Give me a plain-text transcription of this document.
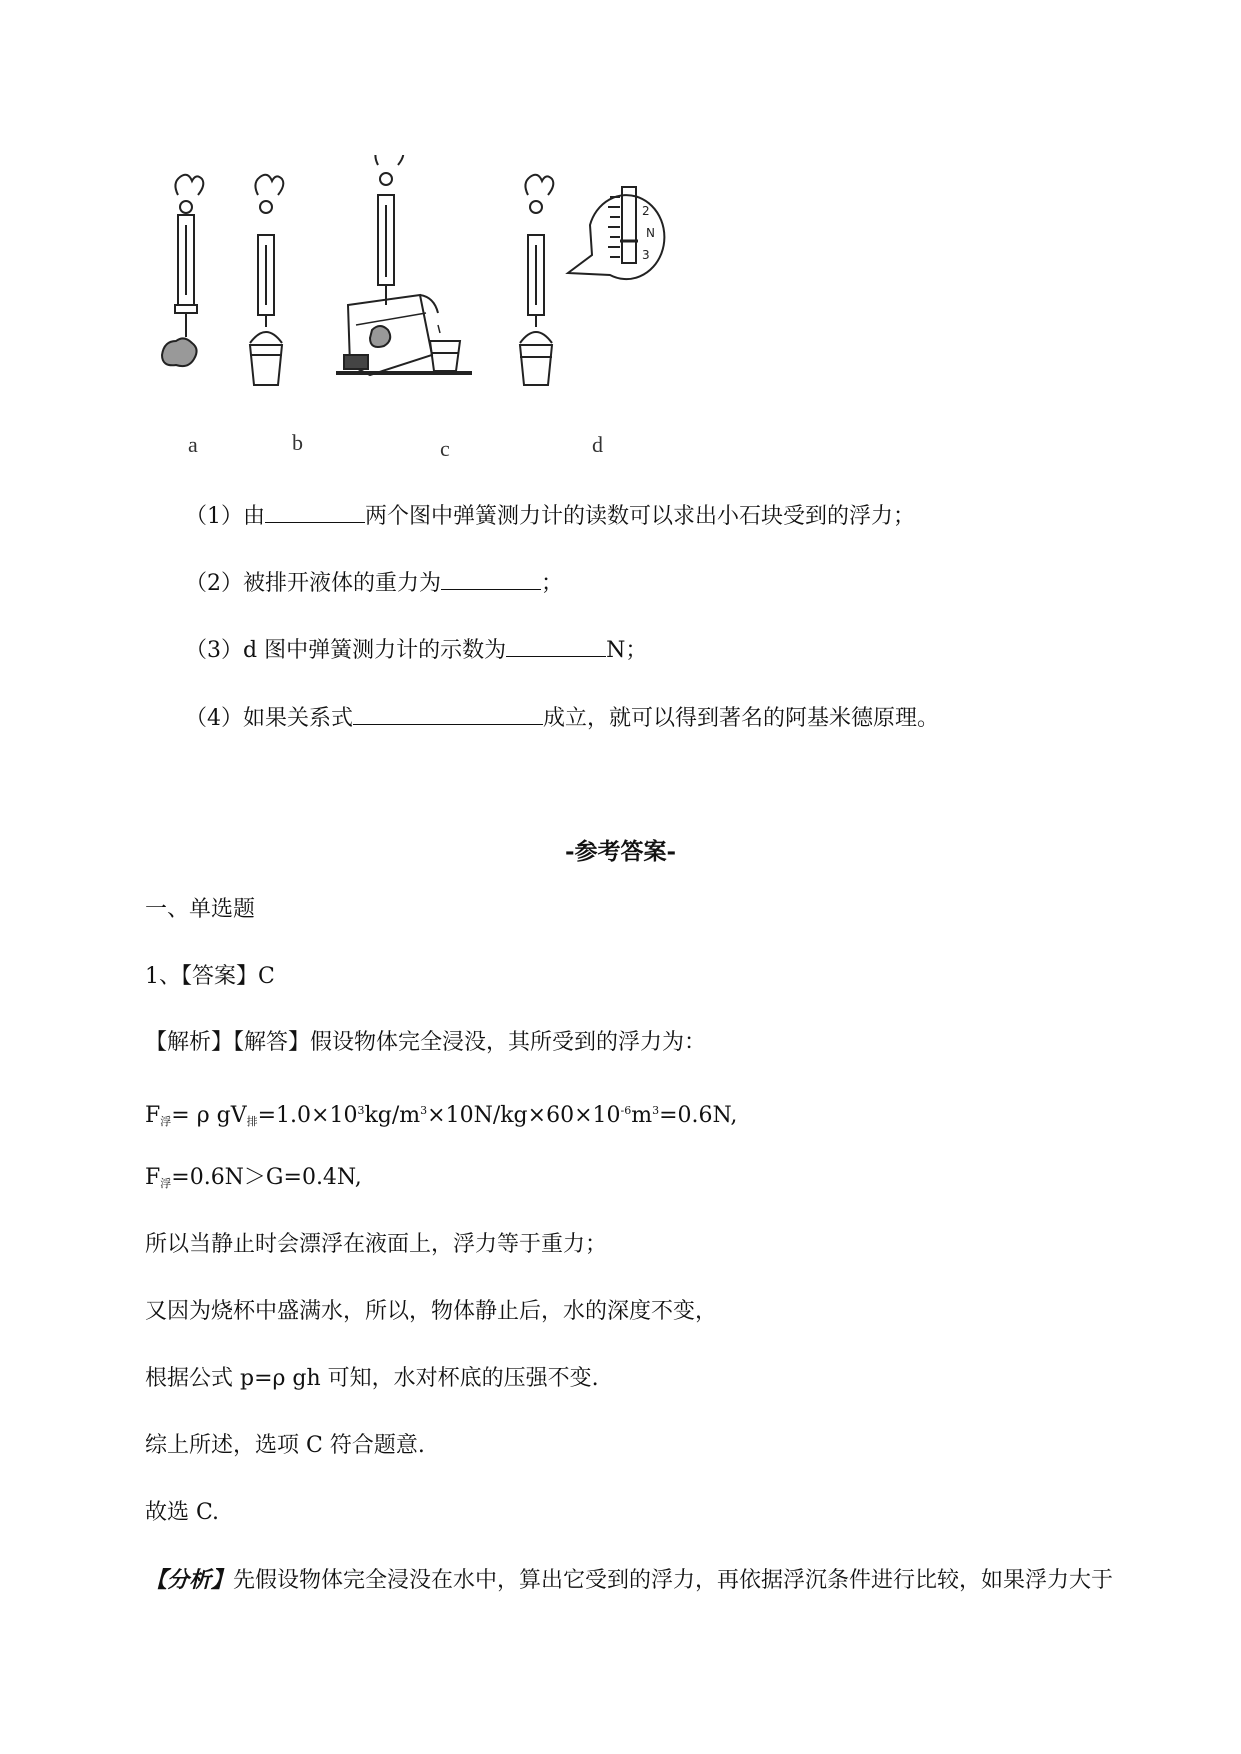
2
N
3
a	b	c	d
（1）由	两个图中弹簧测力计的读数可以求出小石块受到的浮力；
（2）被排开液体的重力为	；
（3）d 图中弹簧测力计的示数为	N；
（4）如果关系式	成立，就可以得到著名的阿基米德原理。
-参考答案-
一、单选题
1、【答案】C
【解析】【解答】假设物体完全浸没，其所受到的浮力为：
$F_浮= \rho$ $gV_排=1.0\times 10^3kg/m^3\times 10N/kg\times 60\times 10^{-6}m^3=0.6N$,
$F_浮=0.6N>G=0.4N$,
所以当静止时会漂浮在液面上，浮力等于重力；
又因为烧杯中盛满水，所以，物体静止后，水的深度不变，
根据公式 p=ρ gh 可知，水对杯底的压强不变.
综上所述，选项 C 符合题意.
故选 C.
【分析】先假设物体完全浸没在水中，算出它受到的浮力，再依据浮沉条件进行比较，如果浮力大于
